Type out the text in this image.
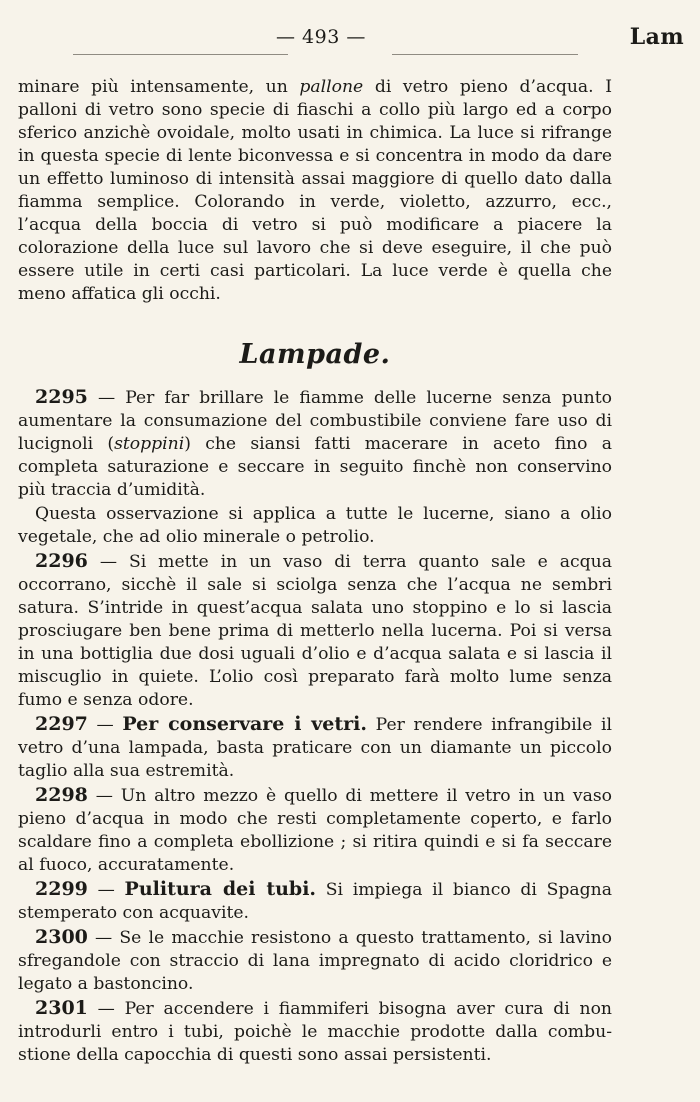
— 493 —	Lam

minare più intensamente, un pallone di vetro pieno d’acqua. I palloni di vetro sono specie di fiaschi a collo più largo ed a corpo sferico anzichè ovoidale, molto usati in chimica. La luce si rifrange in questa specie di lente biconvessa e si concentra in modo da dare un effetto luminoso di intensità assai maggiore di quello dato dalla fiamma semplice. Colorando in verde, violetto, azzurro, ecc., l’acqua della boccia di vetro si può modificare a piacere la colorazione della luce sul lavoro che si deve eseguire, il che può essere utile in certi casi particolari. La luce verde è quella che meno affatica gli occhi.

Lampade.

2295 — Per far brillare le fiamme delle lucerne senza punto aumentare la consumazione del combustibile conviene fare uso di lucignoli (stoppini) che siansi fatti macerare in aceto fino a completa saturazione e seccare in seguito finchè non conservino più traccia d’umidità.

Questa osservazione si applica a tutte le lucerne, siano a olio vegetale, che ad olio minerale o petrolio.

2296 — Si mette in un vaso di terra quanto sale e acqua occorrano, sicchè il sale si sciolga senza che l’acqua ne sembri satura. S’intride in quest’acqua salata uno stoppino e lo si lascia prosciugare ben bene prima di metterlo nella lucerna. Poi si versa in una bottiglia due dosi uguali d’olio e d’acqua salata e si lascia il miscuglio in quiete. L’olio così preparato farà molto lume senza fumo e senza odore.

2297 — Per conservare i vetri. Per rendere infrangibile il vetro d’una lampada, basta praticare con un diamante un piccolo taglio alla sua estremità.

2298 — Un altro mezzo è quello di mettere il vetro in un vaso pieno d’acqua in modo che resti completamente coperto, e farlo scaldare fino a completa ebollizione ; si ritira quindi e si fa seccare al fuoco, accuratamente.

2299 — Pulitura dei tubi. Si impiega il bianco di Spagna stemperato con acquavite.

2300 — Se le macchie resistono a questo trattamento, si lavino sfregandole con straccio di lana impregnato di acido cloridrico e legato a bastoncino.

2301 — Per accendere i fiammiferi bisogna aver cura di non introdurli entro i tubi, poichè le macchie prodotte dalla combustione della capocchia di questi sono assai persistenti.
